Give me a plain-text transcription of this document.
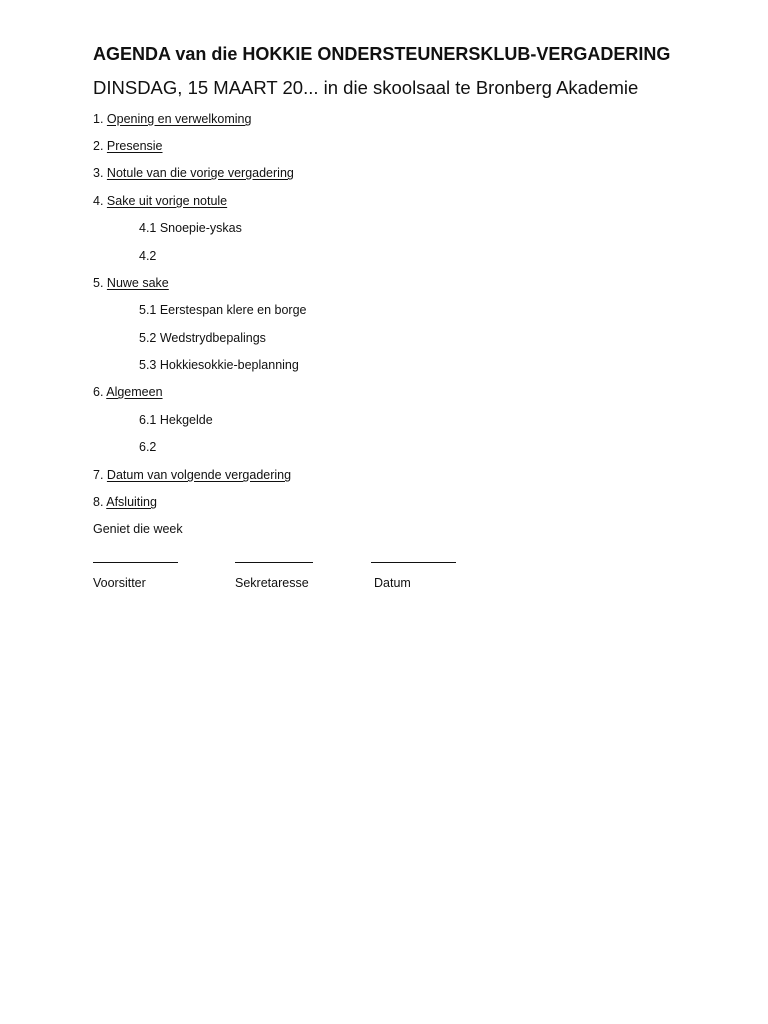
AGENDA van die HOKKIE ONDERSTEUNERSKLUB-VERGADERING
DINSDAG, 15 MAART 20... in die skoolsaal te Bronberg Akademie
1. Opening en verwelkoming
2. Presensie
3. Notule van die vorige vergadering
4. Sake uit vorige notule
4.1 Snoepie-yskas
4.2
5. Nuwe sake
5.1 Eerstespan klere en borge
5.2 Wedstrydbepalings
5.3 Hokkiesokkie-beplanning
6. Algemeen
6.1 Hekgelde
6.2
7. Datum van volgende vergadering
8. Afsluiting
Geniet die week
Voorsitter	Sekretaresse	Datum
